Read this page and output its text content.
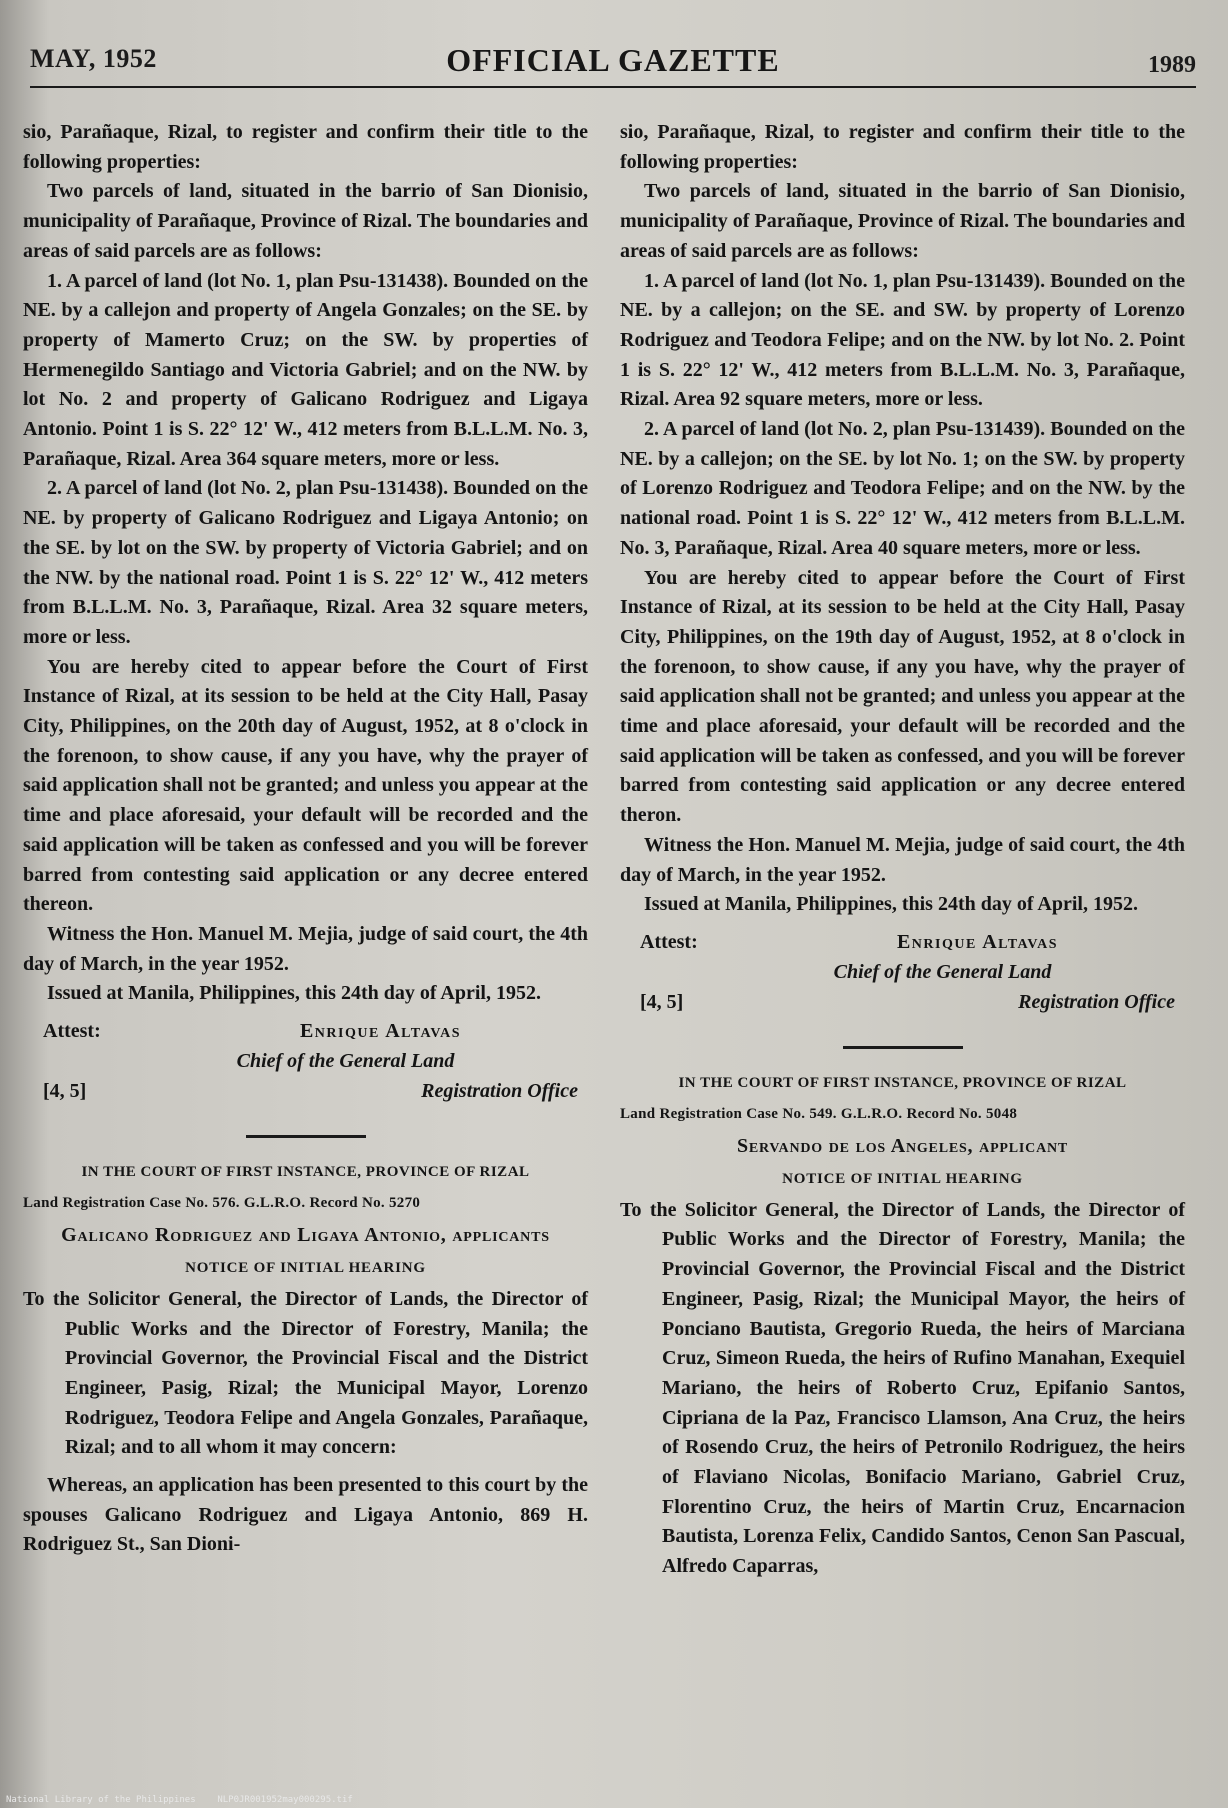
MAY, 1952	OFFICIAL GAZETTE	1989

sio, Parañaque, Rizal, to register and confirm their title to the following properties:

Two parcels of land, situated in the barrio of San Dionisio, municipality of Parañaque, Province of Rizal. The boundaries and areas of said parcels are as follows:

1. A parcel of land (lot No. 1, plan Psu-131438). Bounded on the NE. by a callejon and property of Angela Gonzales; on the SE. by property of Mamerto Cruz; on the SW. by properties of Hermenegildo Santiago and Victoria Gabriel; and on the NW. by lot No. 2 and property of Galicano Rodriguez and Ligaya Antonio. Point 1 is S. 22° 12' W., 412 meters from B.L.L.M. No. 3, Parañaque, Rizal. Area 364 square meters, more or less.

2. A parcel of land (lot No. 2, plan Psu-131438). Bounded on the NE. by property of Galicano Rodriguez and Ligaya Antonio; on the SE. by lot on the SW. by property of Victoria Gabriel; and on the NW. by the national road. Point 1 is S. 22° 12' W., 412 meters from B.L.L.M. No. 3, Parañaque, Rizal. Area 32 square meters, more or less.

You are hereby cited to appear before the Court of First Instance of Rizal, at its session to be held at the City Hall, Pasay City, Philippines, on the 20th day of August, 1952, at 8 o'clock in the forenoon, to show cause, if any you have, why the prayer of said application shall not be granted; and unless you appear at the time and place aforesaid, your default will be recorded and the said application will be taken as confessed and you will be forever barred from contesting said application or any decree entered thereon.

Witness the Hon. Manuel M. Mejia, judge of said court, the 4th day of March, in the year 1952.

Issued at Manila, Philippines, this 24th day of April, 1952.

Attest:	Enrique Altavas
Chief of the General Land
[4, 5]	Registration Office
IN THE COURT OF FIRST INSTANCE, PROVINCE OF RIZAL
Land Registration Case No. 576. G.L.R.O. Record No. 5270
Galicano Rodriguez and Ligaya Antonio, applicants
NOTICE OF INITIAL HEARING

To the Solicitor General, the Director of Lands, the Director of Public Works and the Director of Forestry, Manila; the Provincial Governor, the Provincial Fiscal and the District Engineer, Pasig, Rizal; the Municipal Mayor, Lorenzo Rodriguez, Teodora Felipe and Angela Gonzales, Parañaque, Rizal; and to all whom it may concern:

Whereas, an application has been presented to this court by the spouses Galicano Rodriguez and Ligaya Antonio, 869 H. Rodriguez St., San Dioni-

sio, Parañaque, Rizal, to register and confirm their title to the following properties:

Two parcels of land, situated in the barrio of San Dionisio, municipality of Parañaque, Province of Rizal. The boundaries and areas of said parcels are as follows:

1. A parcel of land (lot No. 1, plan Psu-131439). Bounded on the NE. by a callejon; on the SE. and SW. by property of Lorenzo Rodriguez and Teodora Felipe; and on the NW. by lot No. 2. Point 1 is S. 22° 12' W., 412 meters from B.L.L.M. No. 3, Parañaque, Rizal. Area 92 square meters, more or less.

2. A parcel of land (lot No. 2, plan Psu-131439). Bounded on the NE. by a callejon; on the SE. by lot No. 1; on the SW. by property of Lorenzo Rodriguez and Teodora Felipe; and on the NW. by the national road. Point 1 is S. 22° 12' W., 412 meters from B.L.L.M. No. 3, Parañaque, Rizal. Area 40 square meters, more or less.

You are hereby cited to appear before the Court of First Instance of Rizal, at its session to be held at the City Hall, Pasay City, Philippines, on the 19th day of August, 1952, at 8 o'clock in the forenoon, to show cause, if any you have, why the prayer of said application shall not be granted; and unless you appear at the time and place aforesaid, your default will be recorded and the said application will be taken as confessed, and you will be forever barred from contesting said application or any decree entered theron.

Witness the Hon. Manuel M. Mejia, judge of said court, the 4th day of March, in the year 1952.

Issued at Manila, Philippines, this 24th day of April, 1952.

Attest:	Enrique Altavas
Chief of the General Land
[4, 5]	Registration Office
IN THE COURT OF FIRST INSTANCE, PROVINCE OF RIZAL
Land Registration Case No. 549. G.L.R.O. Record No. 5048
Servando de los Angeles, applicant
NOTICE OF INITIAL HEARING

To the Solicitor General, the Director of Lands, the Director of Public Works and the Director of Forestry, Manila; the Provincial Governor, the Provincial Fiscal and the District Engineer, Pasig, Rizal; the Municipal Mayor, the heirs of Ponciano Bautista, Gregorio Rueda, the heirs of Marciana Cruz, Simeon Rueda, the heirs of Rufino Manahan, Exequiel Mariano, the heirs of Roberto Cruz, Epifanio Santos, Cipriana de la Paz, Francisco Llamson, Ana Cruz, the heirs of Rosendo Cruz, the heirs of Petronilo Rodriguez, the heirs of Flaviano Nicolas, Bonifacio Mariano, Gabriel Cruz, Florentino Cruz, the heirs of Martin Cruz, Encarnacion Bautista, Lorenza Felix, Candido Santos, Cenon San Pascual, Alfredo Caparras,

National Library of the Philippines    NLP0JR001952may000295.tif
